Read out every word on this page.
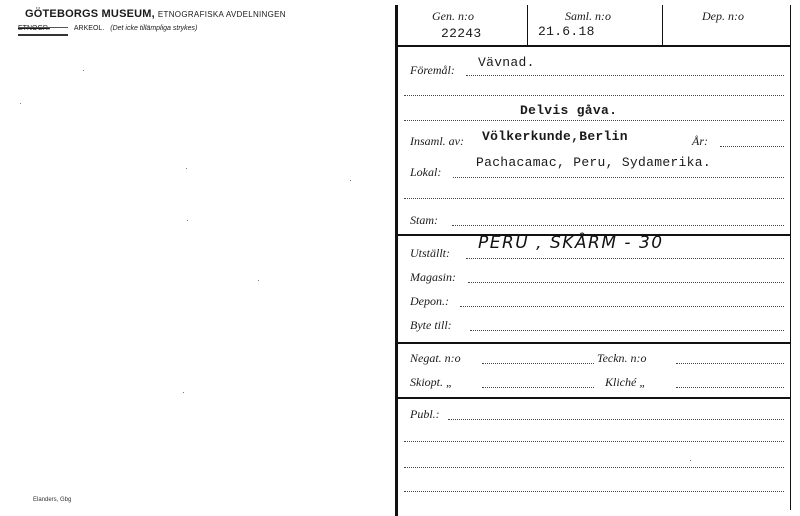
GÖTEBORGS MUSEUM, ETNOGRAFISKA AVDELNINGEN
ETNOGR.	ARKEOL. (Det icke tillämpliga strykes)
Elanders, Gbg
Gen. n:o
22243
Saml. n:o
21.6.18
Dep. n:o
Föremål: Vävnad.
Delvis gåva.
Insaml. av: Völkerkunde,Berlin	År:
Lokal:
Pachacamac, Peru, Sydamerika.
Stam:
Utställt: PERU , SKÅRM - 30
Magasin:
Depon.:
Byte till:
Negat. n:o	Teckn. n:o
Skiopt. „	Kliché „
Publ.:
